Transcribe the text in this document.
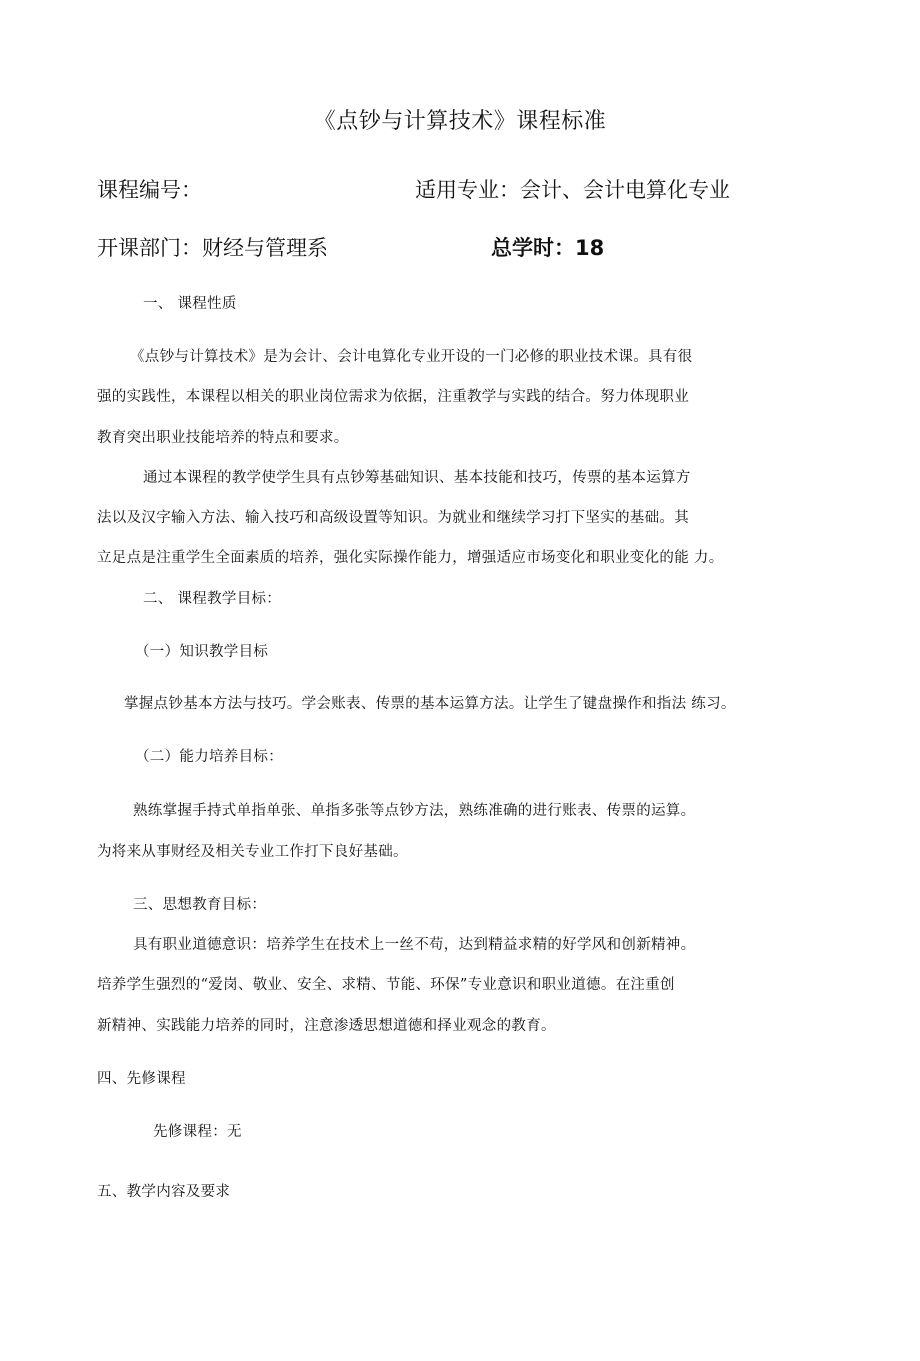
《点钞与计算技术》课程标准
课程编号：	适用专业：会计、会计电算化专业
开课部门：财经与管理系	总学时：18
一、 课程性质
《点钞与计算技术》是为会计、会计电算化专业开设的一门必修的职业技术课。具有很
强的实践性，本课程以相关的职业岗位需求为依据，注重教学与实践的结合。努力体现职业
教育突出职业技能培养的特点和要求。
通过本课程的教学使学生具有点钞筹基础知识、基本技能和技巧，传票的基本运算方
法以及汉字输入方法、输入技巧和高级设置等知识。为就业和继续学习打下坚实的基础。其
立足点是注重学生全面素质的培养，强化实际操作能力，增强适应市场变化和职业变化的能 力。
二、 课程教学目标：
（一）知识教学目标
掌握点钞基本方法与技巧。学会账表、传票的基本运算方法。让学生了键盘操作和指法 练习。
（二）能力培养目标：
熟练掌握手持式单指单张、单指多张等点钞方法，熟练准确的进行账表、传票的运算。
为将来从事财经及相关专业工作打下良好基础。
三、思想教育目标：
具有职业道德意识：培养学生在技术上一丝不苟，达到精益求精的好学风和创新精神。
培养学生强烈的“爱岗、敬业、安全、求精、节能、环保”专业意识和职业道德。在注重创
新精神、实践能力培养的同时，注意渗透思想道德和择业观念的教育。
四、先修课程
先修课程：无
五、教学内容及要求
